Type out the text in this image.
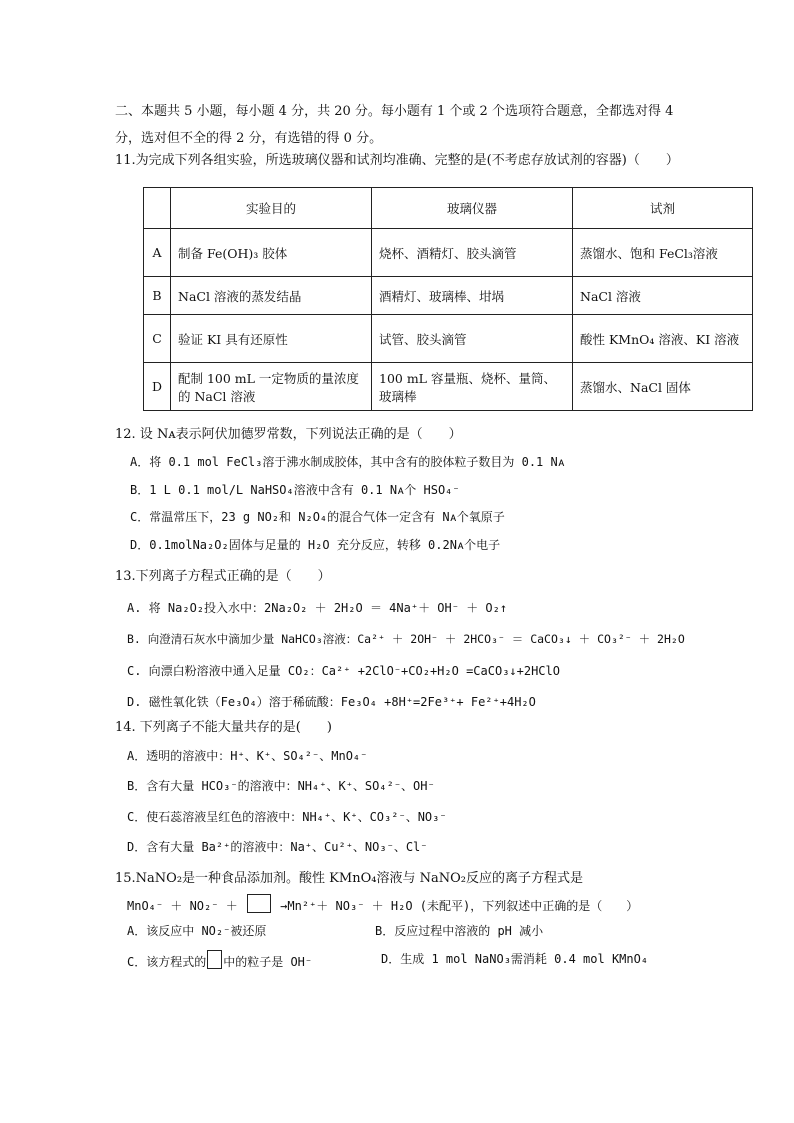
二、本题共 5 小题，每小题 4 分，共 20 分。每小题有 1 个或 2 个选项符合题意，全都选对得 4
分，选对但不全的得 2 分，有选错的得 0 分。
11.为完成下列各组实验，所选玻璃仪器和试剂均准确、完整的是(不考虑存放试剂的容器)（　　）
	实验目的	玻璃仪器	试剂
A	制备 Fe(OH)₃ 胶体	烧杯、酒精灯、胶头滴管	蒸馏水、饱和 FeCl₃溶液
B	NaCl 溶液的蒸发结晶	酒精灯、玻璃棒、坩埚	NaCl 溶液
C	验证 KI 具有还原性	试管、胶头滴管	酸性 KMnO₄ 溶液、KI 溶液
D	配制 100 mL 一定物质的量浓度的 NaCl 溶液	100 mL 容量瓶、烧杯、量筒、玻璃棒	蒸馏水、NaCl 固体
12. 设 Nᴀ表示阿伏加德罗常数，下列说法正确的是（　　）
A．将 0.1 mol FeCl₃溶于沸水制成胶体，其中含有的胶体粒子数目为 0.1 Nᴀ
B．1 L 0.1 mol/L NaHSO₄溶液中含有 0.1 Nᴀ个 HSO₄⁻
C．常温常压下，23 g NO₂和 N₂O₄的混合气体一定含有 Nᴀ个氧原子
D．0.1molNa₂O₂固体与足量的 H₂O 充分反应，转移 0.2Nᴀ个电子
13.下列离子方程式正确的是（　　）
A. 将 Na₂O₂投入水中：2Na₂O₂ ＋ 2H₂O ＝ 4Na⁺＋ OH⁻ ＋ O₂↑
B. 向澄清石灰水中滴加少量 NaHCO₃溶液：Ca²⁺ ＋ 2OH⁻ ＋ 2HCO₃⁻ ＝ CaCO₃↓ ＋ CO₃²⁻ ＋ 2H₂O
C. 向漂白粉溶液中通入足量 CO₂：Ca²⁺ +2ClO⁻+CO₂+H₂O =CaCO₃↓+2HClO
D. 磁性氧化铁（Fe₃O₄）溶于稀硫酸：Fe₃O₄ +8H⁺=2Fe³⁺+ Fe²⁺+4H₂O
14. 下列离子不能大量共存的是(　　)
A．透明的溶液中：H⁺、K⁺、SO₄²⁻、MnO₄⁻
B．含有大量 HCO₃⁻的溶液中：NH₄⁺、K⁺、SO₄²⁻、OH⁻
C．使石蕊溶液呈红色的溶液中：NH₄⁺、K⁺、CO₃²⁻、NO₃⁻
D．含有大量 Ba²⁺的溶液中：Na⁺、Cu²⁺、NO₃⁻、Cl⁻
15.NaNO₂是一种食品添加剂。酸性 KMnO₄溶液与 NaNO₂反应的离子方程式是
MnO₄⁻ ＋ NO₂⁻ ＋	→Mn²⁺＋ NO₃⁻ ＋ H₂O (未配平)，下列叙述中正确的是（　　）
A．该反应中 NO₂⁻被还原	B．反应过程中溶液的 pH 减小
C．该方程式的 中的粒子是 OH⁻	D．生成 1 mol NaNO₃需消耗 0.4 mol KMnO₄
